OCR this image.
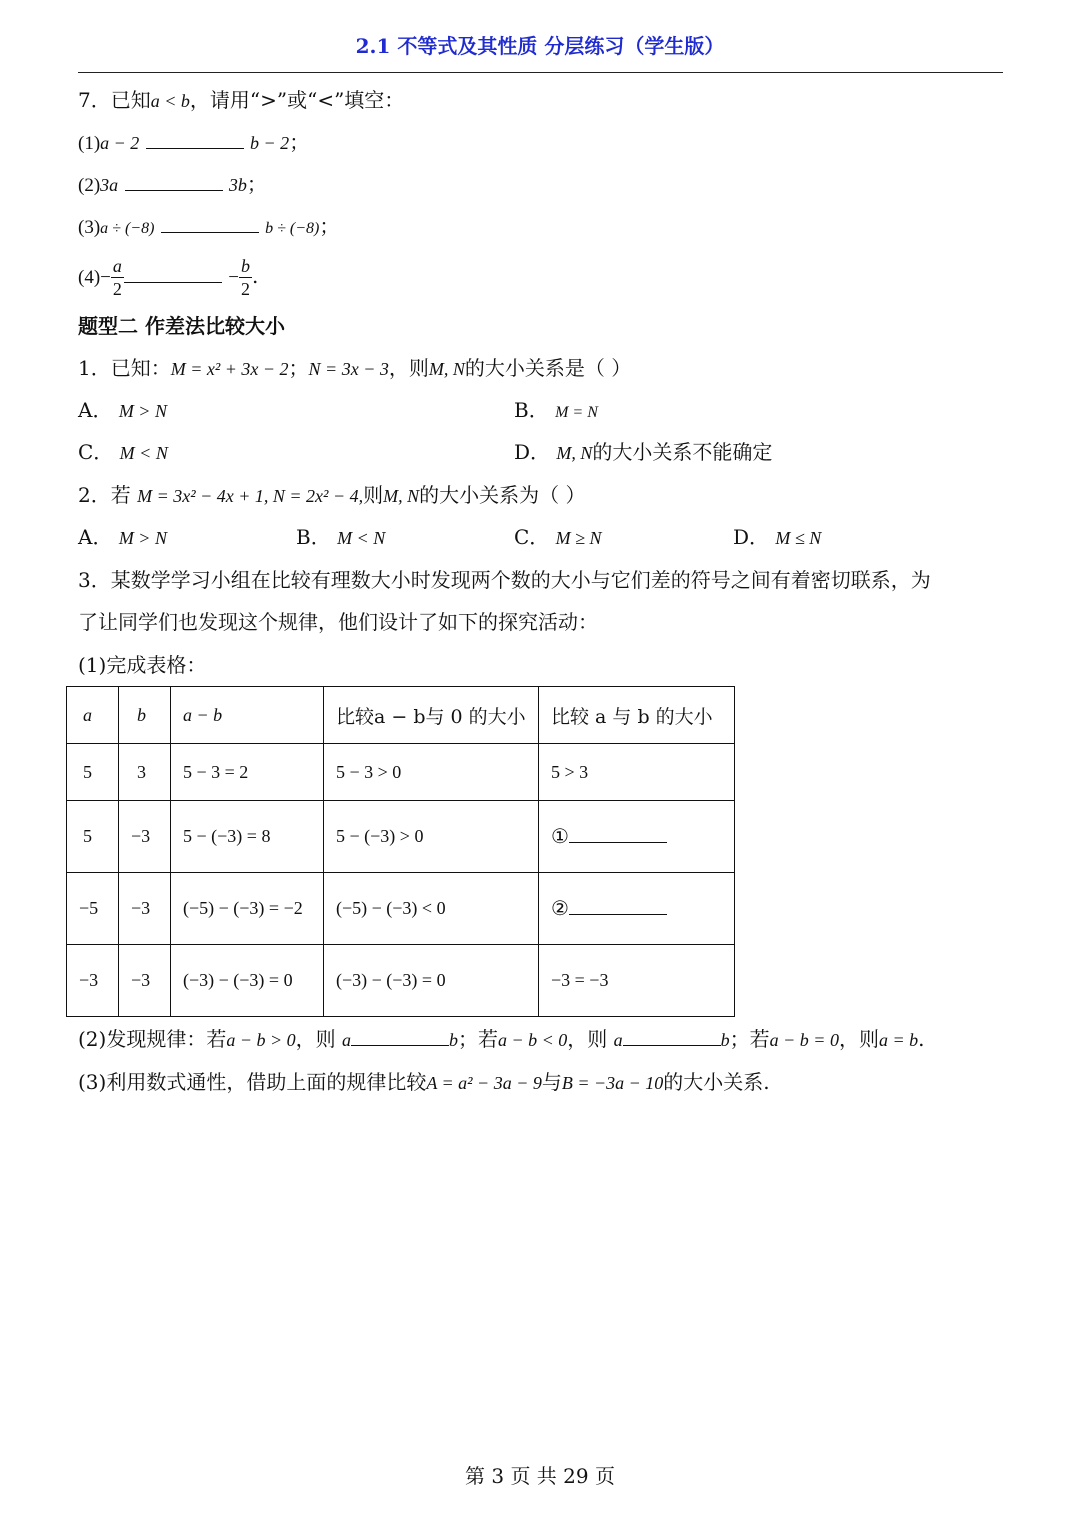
2.1 不等式及其性质 分层练习（学生版）
7．已知a < b，请用“>”或“<”填空：
(1)a − 2	b − 2；
(2)3a	3b；
(3)a ÷ (−8)	b ÷ (−8)；
$(4)- \frac{a}{2}$	− $\frac{b}{2}$ .
题型二 作差法比较大小
1．已知：M = x² + 3x − 2；N = 3x − 3，则M, N的大小关系是（ ）
A． M > N	B． M = N
C． M < N	D． M, N的大小关系不能确定
2．若 M = 3x² − 4x + 1, N = 2x² − 4,则M, N的大小关系为（ ）
A． M > N	B． M < N	C． M ≥ N	D． M ≤ N
3．某数学学习小组在比较有理数大小时发现两个数的大小与它们差的符号之间有着密切联系，为
了让同学们也发现这个规律，他们设计了如下的探究活动：
(1)完成表格：
a	b	a − b	比较a − b与 0 的大小	比较 a 与 b 的大小
5	3	5 − 3 = 2	5 − 3 > 0	5 > 3
5	−3	5 − (−3) = 8	5 − (−3) > 0	①
−5	−3	(−5) − (−3) = −2	(−5) − (−3) < 0	②
−3	−3	(−3) − (−3) = 0	(−3) − (−3) = 0	−3 = −3
(2)发现规律：若a − b > 0，则 a	b；若a − b < 0，则 a	b；若a − b = 0，则a = b.
(3)利用数式通性，借助上面的规律比较A = a² − 3a − 9与B = −3a − 10的大小关系.
第 3 页 共 29 页
